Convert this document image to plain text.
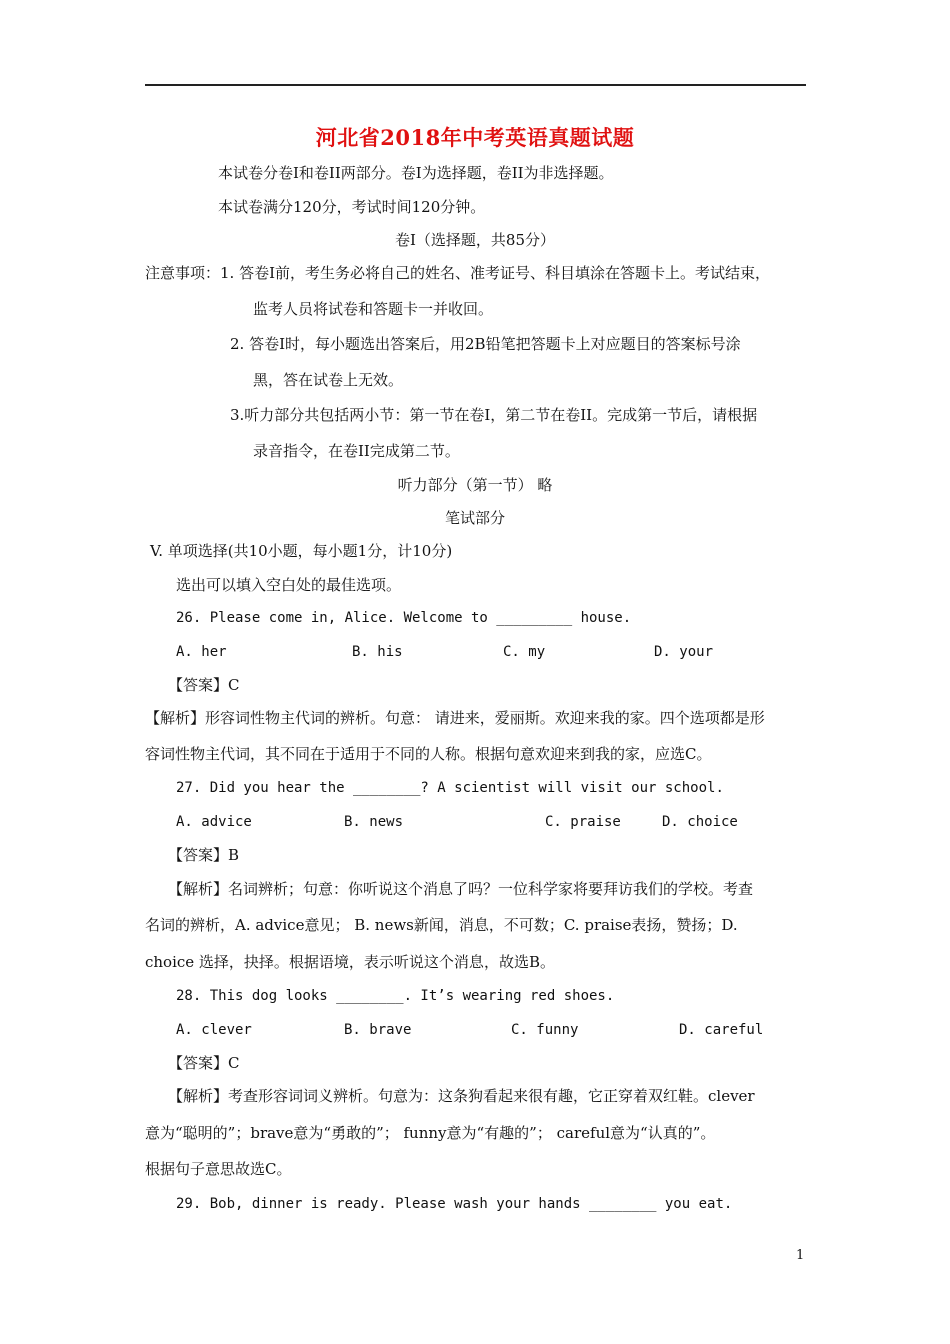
河北省2018年中考英语真题试题
本试卷分卷I和卷II两部分。卷I为选择题，卷II为非选择题。
本试卷满分120分，考试时间120分钟。
卷I（选择题，共85分）
注意事项：1. 答卷I前，考生务必将自己的姓名、准考证号、科目填涂在答题卡上。考试结束，
监考人员将试卷和答题卡一并收回。
2. 答卷I时，每小题选出答案后，用2B铅笔把答题卡上对应题目的答案标号涂
黑，答在试卷上无效。
3.听力部分共包括两小节：第一节在卷I，第二节在卷II。完成第一节后，请根据
录音指令，在卷II完成第二节。
听力部分（第一节） 略
笔试部分
V. 单项选择(共10小题，每小题1分，计10分)
选出可以填入空白处的最佳选项。
26. Please come in, Alice. Welcome to _________ house.
A. her	B. his	C. my	D. your
【答案】C
【解析】形容词性物主代词的辨析。句意： 请进来，爱丽斯。欢迎来我的家。四个选项都是形
容词性物主代词，其不同在于适用于不同的人称。根据句意欢迎来到我的家，应选C。
27. Did you hear the ________? A scientist will visit our school.
A. advice	B. news	C. praise	D. choice
【答案】B
【解析】名词辨析；句意：你听说这个消息了吗？一位科学家将要拜访我们的学校。考查
名词的辨析，A. advice意见； B. news新闻，消息，不可数；C. praise表扬，赞扬；D.
choice 选择，抉择。根据语境，表示听说这个消息，故选B。
28. This dog looks ________. It’s wearing red shoes.
A. clever	B. brave	C. funny	D. careful
【答案】C
【解析】考查形容词词义辨析。句意为：这条狗看起来很有趣，它正穿着双红鞋。clever
意为“聪明的”；brave意为“勇敢的”； funny意为“有趣的”； careful意为“认真的”。
根据句子意思故选C。
29. Bob, dinner is ready. Please wash your hands ________ you eat.
1
